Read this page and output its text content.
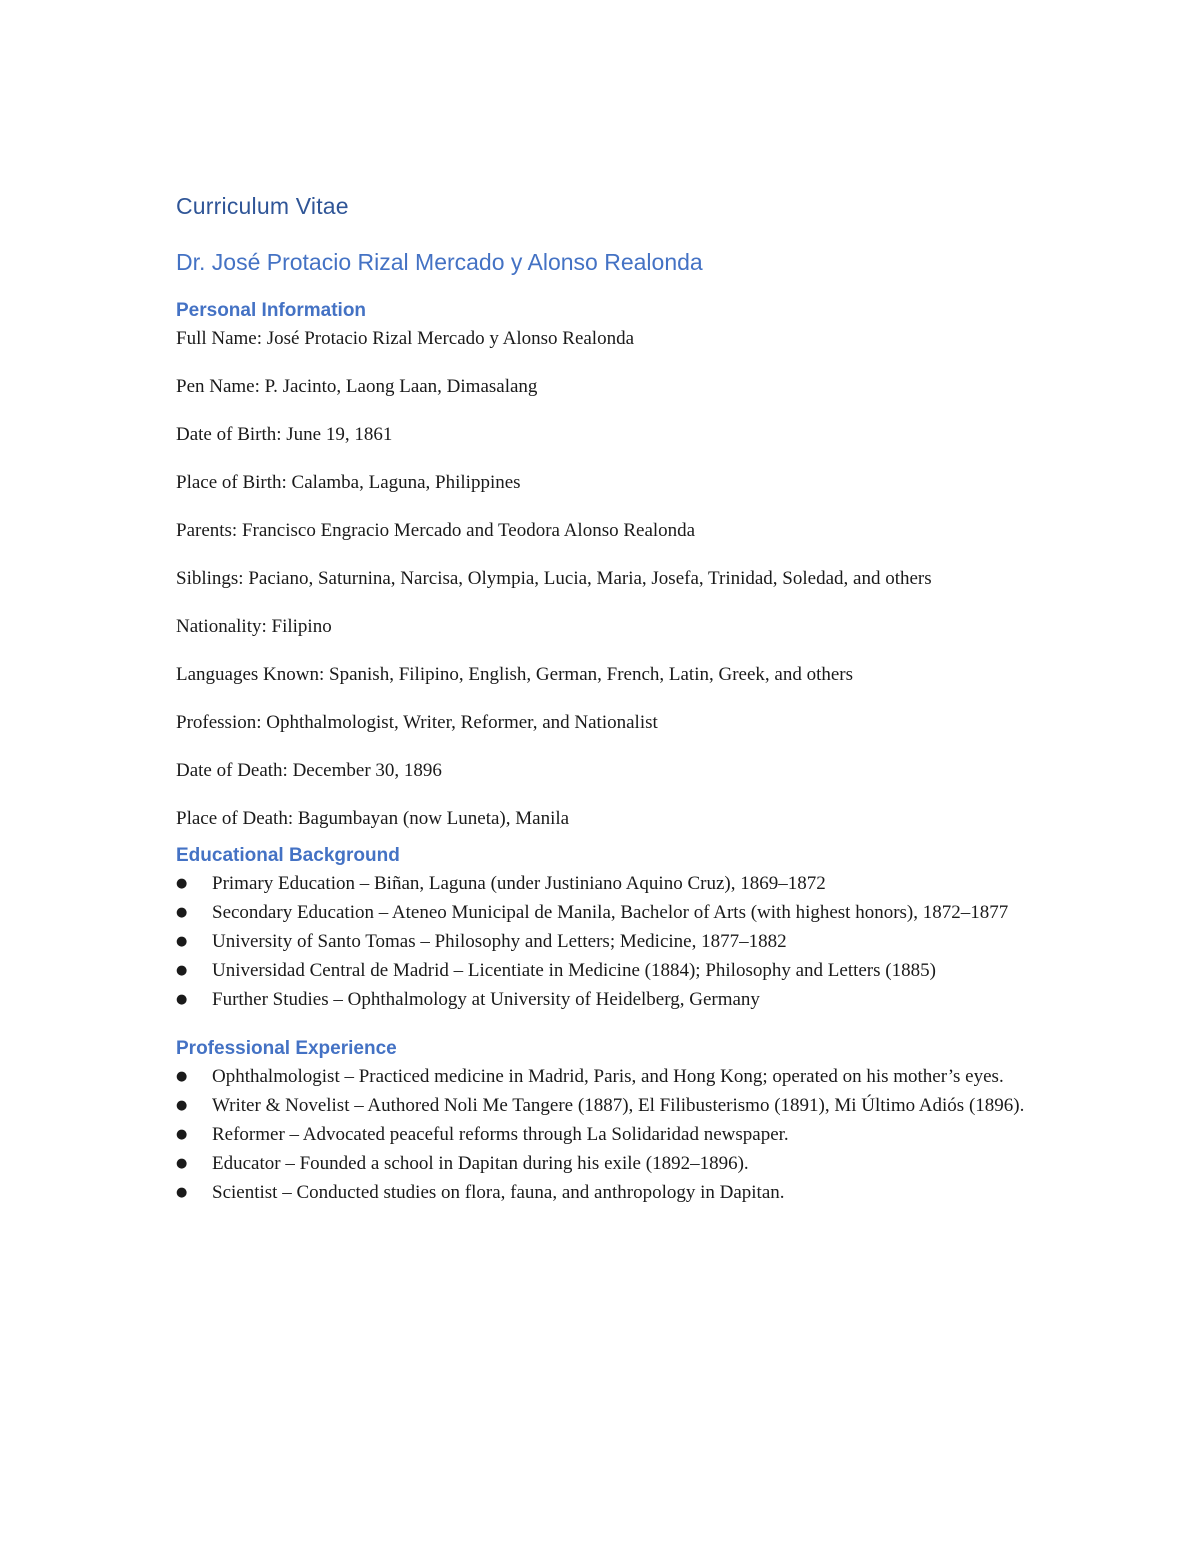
Curriculum Vitae
Dr. José Protacio Rizal Mercado y Alonso Realonda
Personal Information

Full Name: José Protacio Rizal Mercado y Alonso Realonda

Pen Name: P. Jacinto, Laong Laan, Dimasalang

Date of Birth: June 19, 1861

Place of Birth: Calamba, Laguna, Philippines

Parents: Francisco Engracio Mercado and Teodora Alonso Realonda

Siblings: Paciano, Saturnina, Narcisa, Olympia, Lucia, Maria, Josefa, Trinidad, Soledad, and others

Nationality: Filipino

Languages Known: Spanish, Filipino, English, German, French, Latin, Greek, and others

Profession: Ophthalmologist, Writer, Reformer, and Nationalist

Date of Death: December 30, 1896

Place of Death: Bagumbayan (now Luneta), Manila

Educational Background
● Primary Education – Biñan, Laguna (under Justiniano Aquino Cruz), 1869–1872
● Secondary Education – Ateneo Municipal de Manila, Bachelor of Arts (with highest honors), 1872–1877
● University of Santo Tomas – Philosophy and Letters; Medicine, 1877–1882
● Universidad Central de Madrid – Licentiate in Medicine (1884); Philosophy and Letters (1885)
● Further Studies – Ophthalmology at University of Heidelberg, Germany
Professional Experience
● Ophthalmologist – Practiced medicine in Madrid, Paris, and Hong Kong; operated on his mother’s eyes.
● Writer & Novelist – Authored Noli Me Tangere (1887), El Filibusterismo (1891), Mi Último Adiós (1896).
● Reformer – Advocated peaceful reforms through La Solidaridad newspaper.
● Educator – Founded a school in Dapitan during his exile (1892–1896).
● Scientist – Conducted studies on flora, fauna, and anthropology in Dapitan.
